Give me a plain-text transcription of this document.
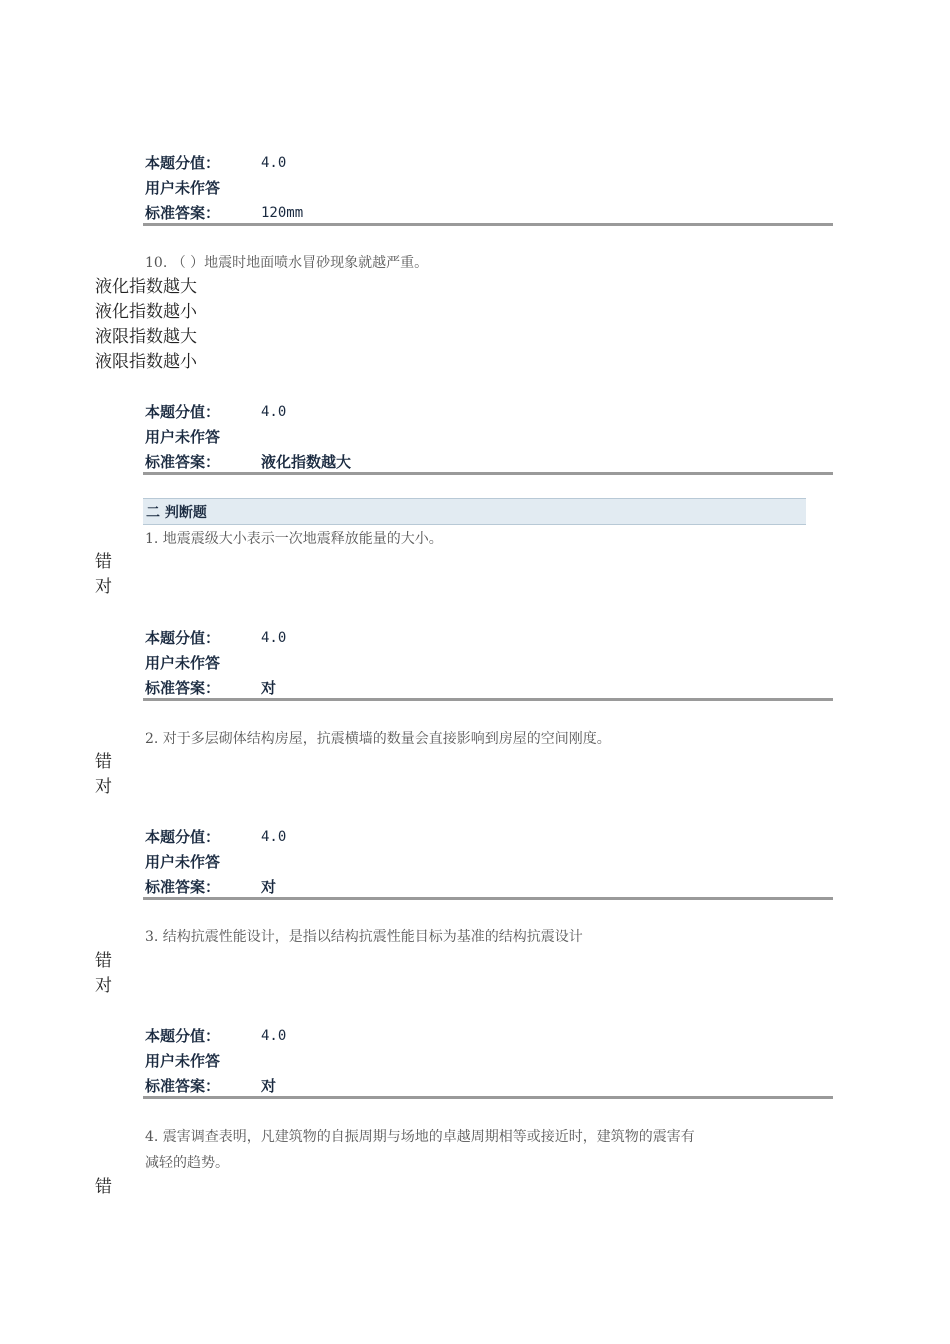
本题分值：	4.0
用户未作答
标准答案：	120mm
10. （ ）地震时地面喷水冒砂现象就越严重。
液化指数越大
液化指数越小
液限指数越大
液限指数越小
本题分值：	4.0
用户未作答
标准答案：	液化指数越大
二 判断题
1. 地震震级大小表示一次地震释放能量的大小。
错
对
本题分值：	4.0
用户未作答
标准答案：	对
2. 对于多层砌体结构房屋，抗震横墙的数量会直接影响到房屋的空间刚度。
错
对
本题分值：	4.0
用户未作答
标准答案：	对
3. 结构抗震性能设计，是指以结构抗震性能目标为基准的结构抗震设计
错
对
本题分值：	4.0
用户未作答
标准答案：	对
4. 震害调查表明，凡建筑物的自振周期与场地的卓越周期相等或接近时，建筑物的震害有
减轻的趋势。
错
